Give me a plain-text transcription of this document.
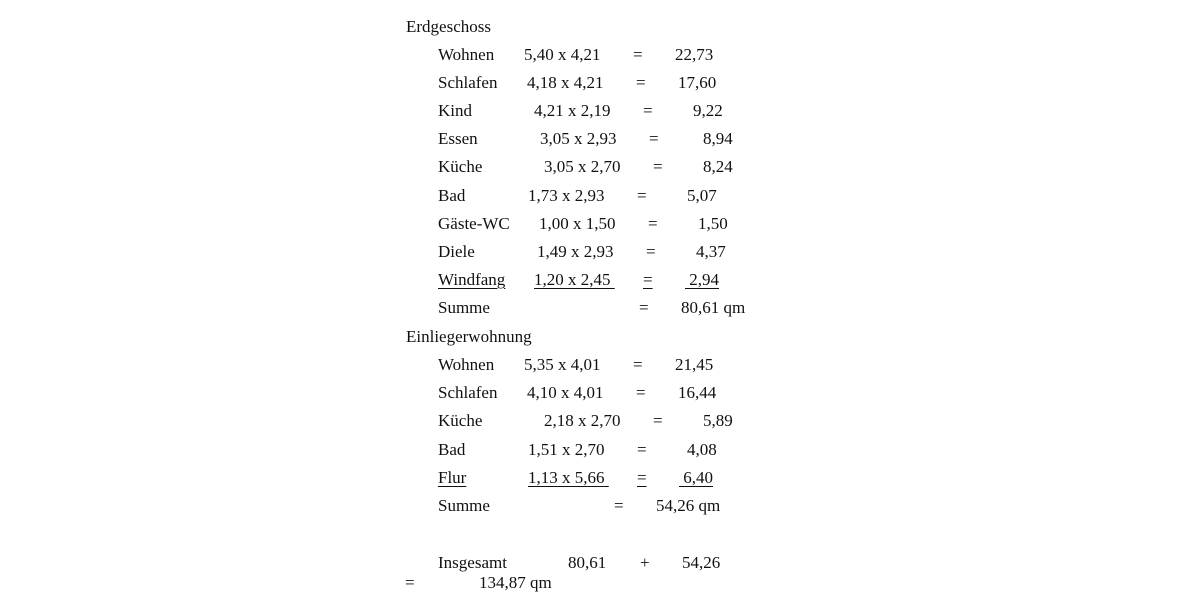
Erdgeschoss
Wohnen 5,40 x 4,21 = 22,73
Schlafen 4,18 x 4,21 = 17,60
Kind	4,21 x 2,19 = 9,22
Essen	3,05 x 2,93 =	8,94
Küche	3,05 x 2,70 = 8,24
Bad	1,73 x 2,93 = 5,07
Gäste-WC 1,00 x 1,50 = 1,50
Diele	1,49 x 2,93 = 4,37
Windfang 1,20 x 2,45 = 2,94
Summe	= 80,61 qm
Einliegerwohnung
Wohnen 5,35 x 4,01 = 21,45
Schlafen 4,10 x 4,01 = 16,44
Küche	2,18 x 2,70 = 5,89
Bad	1,51 x 2,70 = 4,08
Flur	1,13 x 5,66 = 6,40
Summe	= 54,26 qm
Insgesamt	80,61 + 54,26
=	134,87 qm
